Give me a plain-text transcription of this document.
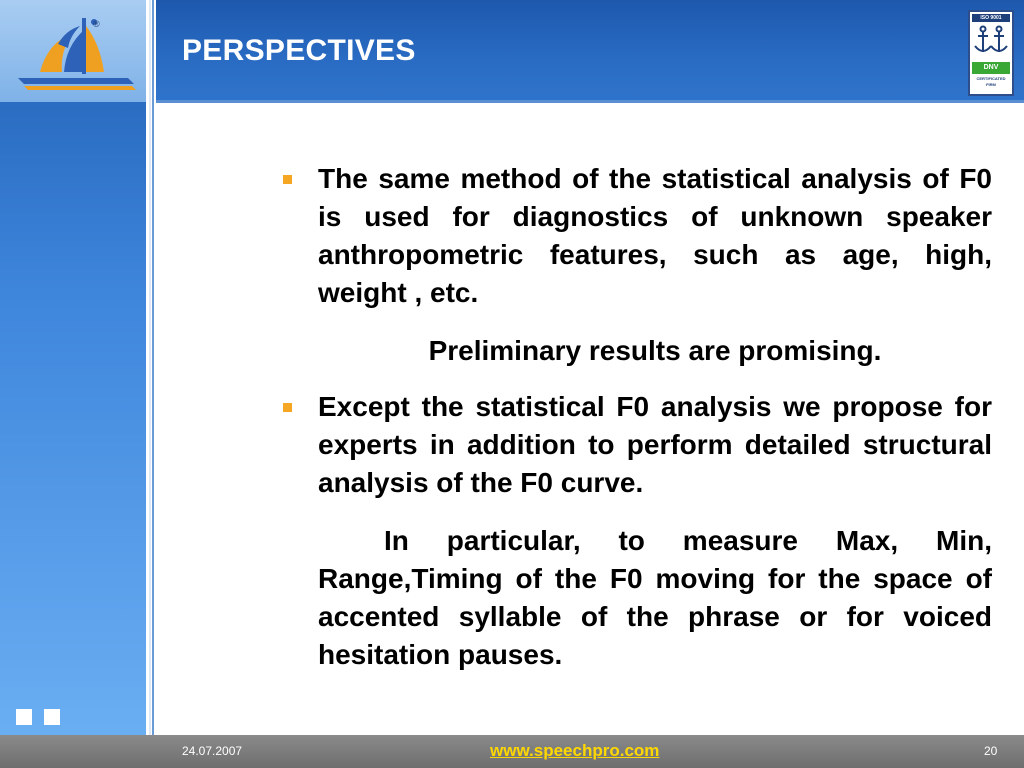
®
PERSPECTIVES
ISO 9001
DNV
CERTIFICATED FIRM
The same method of the statistical analysis of F0 is used for diagnostics of unknown speaker anthropometric features, such as age, high, weight , etc.
Preliminary results are promising.
Except the statistical F0 analysis we propose for experts in addition to perform detailed structural analysis of the F0 curve.
In particular, to measure Max, Min, Range,Timing of the F0 moving for the space of accented syllable of the phrase or for voiced hesitation pauses.
24.07.2007	www.speechpro.com	20
